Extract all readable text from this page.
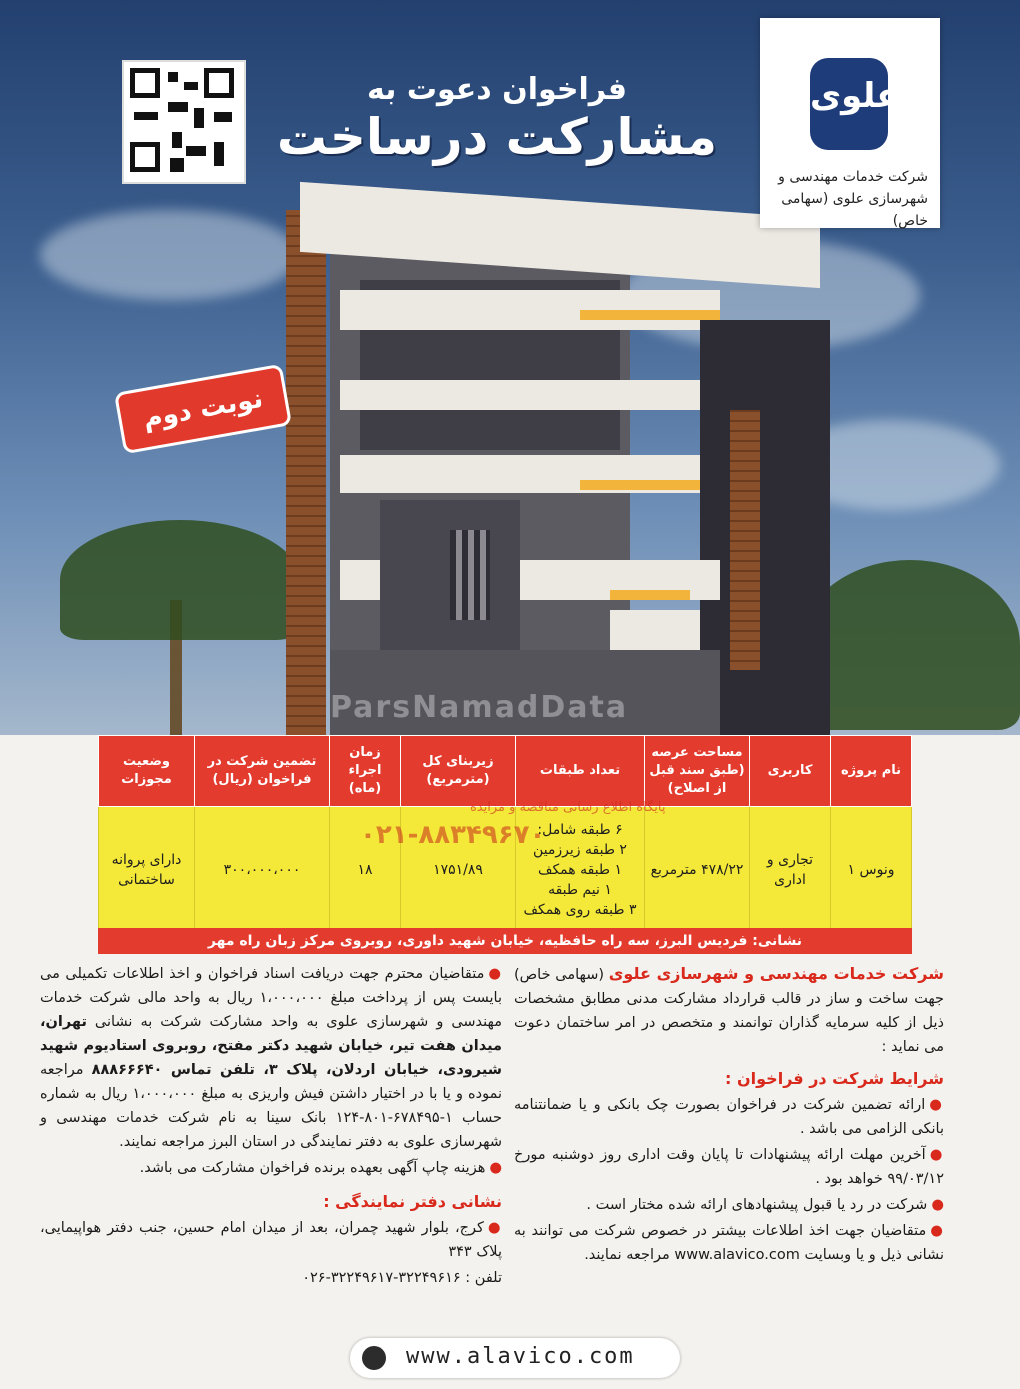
فراخوان دعوت به
مشارکت درساخت
علوی
شرکت خدمات مهندسی و
شهرسازی علوی (سهامی خاص)
نوبت دوم
ParsNamadData
نام پروژه	کاربری	مساحت عرصه (طبق سند قبل از اصلاح)	تعداد طبقات	زیربنای کل (مترمربع)	زمان اجراء (ماه)	تضمین شرکت در فراخوان (ریال)	وضعیت مجوزات
ونوس ۱	تجاری و اداری	۴۷۸/۲۲ مترمربع	۶ طبقه شامل:
۲ طبقه زیرزمین
۱ طبقه همکف
۱ نیم طبقه
۳ طبقه روی همکف	۱۷۵۱/۸۹	۱۸	۳۰۰،۰۰۰،۰۰۰	دارای پروانه ساختمانی
پایگاه اطلاع رسانی مناقصه و مزایده
۰۲۱-۸۸۳۴۹۶۷۰
نشانی: فردیس البرز، سه راه حافظیه، خیابان شهید داوری، روبروی مرکز زبان راه مهر

شرکت خدمات مهندسی و شهرسازی علوی (سهامی خاص) جهت ساخت و ساز در قالب قرارداد مشارکت مدنی مطابق مشخصات ذیل از کلیه سرمایه گذاران توانمند و متخصص در امر ساختمان دعوت می نماید :

شرایط شرکت در فراخوان :

●ارائه تضمین شرکت در فراخوان بصورت چک بانکی و یا ضمانتنامه بانکی الزامی می باشد .

●آخرین مهلت ارائه پیشنهادات تا پایان وقت اداری روز دوشنبه مورخ ۹۹/۰۳/۱۲ خواهد بود .

●شرکت در رد یا قبول پیشنهادهای ارائه شده مختار است .

●متقاضیان جهت اخذ اطلاعات بیشتر در خصوص شرکت می توانند به نشانی ذیل و یا وبسایت www.alavico.com مراجعه نمایند.

●متقاضیان محترم جهت دریافت اسناد فراخوان و اخذ اطلاعات تکمیلی می بایست پس از پرداخت مبلغ ۱،۰۰۰،۰۰۰ ریال به واحد مالی شرکت خدمات مهندسی و شهرسازی علوی به واحد مشارکت شرکت به نشانی تهران، میدان هفت تیر، خیابان شهید دکتر مفتح، روبروی استادیوم شهید شیرودی، خیابان اردلان، پلاک ۳، تلفن تماس ۸۸۸۶۶۶۴۰ مراجعه نموده و یا با در اختیار داشتن فیش واریزی به مبلغ ۱،۰۰۰،۰۰۰ ریال به شماره حساب ۱-۶۷۸۴۹۵-۸۰۱-۱۲۴ بانک سینا به نام شرکت خدمات مهندسی و شهرسازی علوی به دفتر نمایندگی در استان البرز مراجعه نمایند.

●هزینه چاپ آگهی بعهده برنده فراخوان مشارکت می باشد.

نشانی دفتر نمایندگی :

●کرج، بلوار شهید چمران، بعد از میدان امام حسین، جنب دفتر هواپیمایی، پلاک ۳۴۳

تلفن : ۳۲۲۴۹۶۱۶-۳۲۲۴۹۶۱۷-۰۲۶

www.alavico.com
